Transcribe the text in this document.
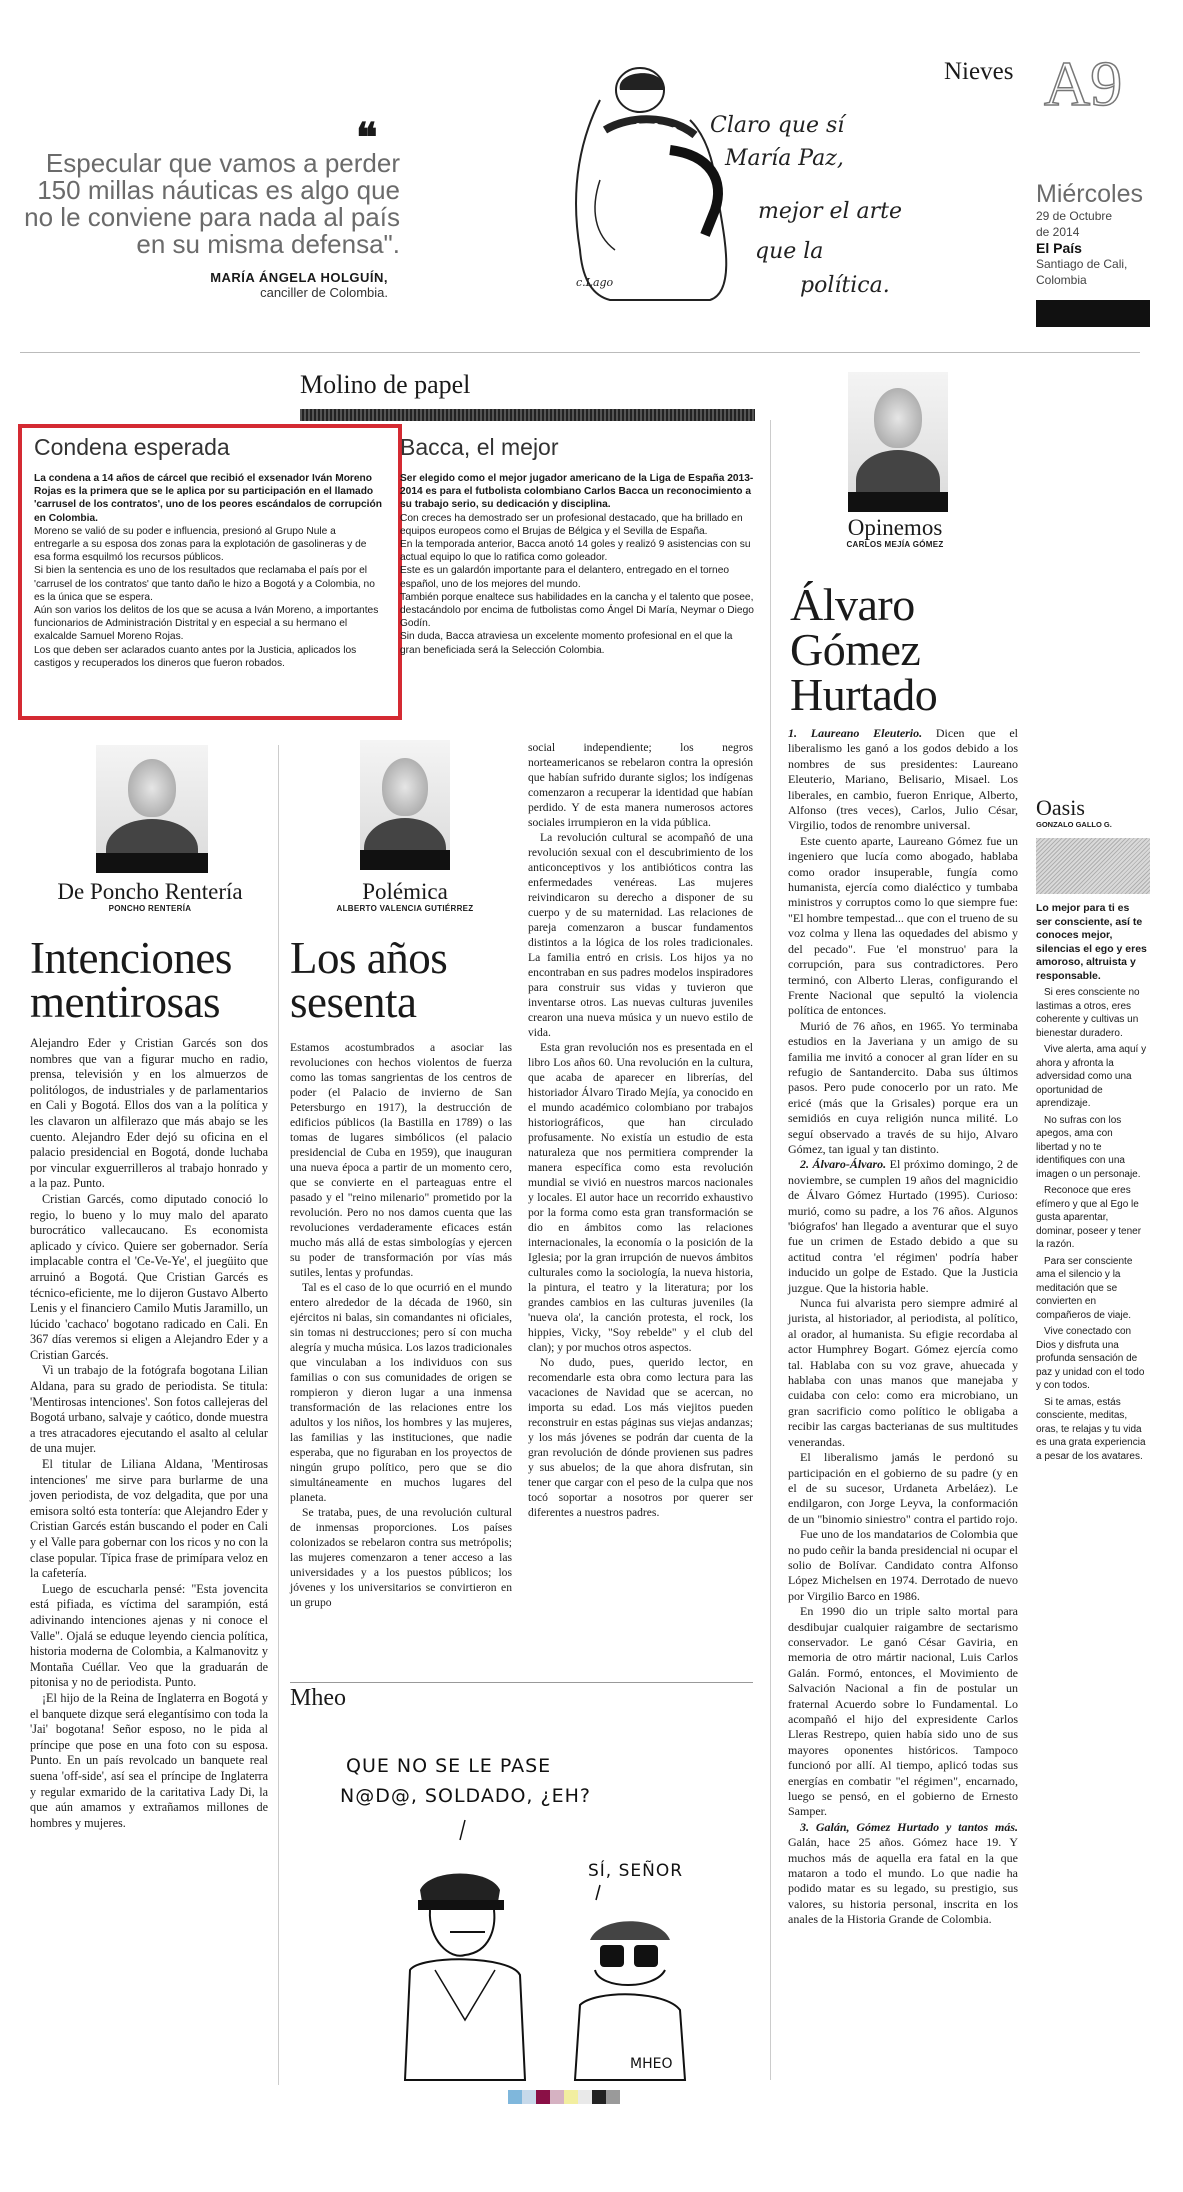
❝
Especular que vamos a perder 150 millas náuticas es algo que no le conviene para nada al país en su misma defensa".
MARÍA ÁNGELA HOLGUÍN,
canciller de Colombia.
c.Lago
Claro que sí
María Paz,
mejor el arte
que la
política.
Nieves A9
Miércoles
29 de Octubre
de 2014
El País
Santiago de Cali,
Colombia
Molino de papel
Condena esperada

La condena a 14 años de cárcel que recibió el exsenador Iván Moreno Rojas es la primera que se le aplica por su participación en el llamado 'carrusel de los contratos', uno de los peores escándalos de corrupción en Colombia.

Moreno se valió de su poder e influencia, presionó al Grupo Nule a entregarle a su esposa dos zonas para la explotación de gasolineras y de esa forma esquilmó los recursos públicos.

Si bien la sentencia es uno de los resultados que reclamaba el país por el 'carrusel de los contratos' que tanto daño le hizo a Bogotá y a Colombia, no es la única que se espera.

Aún son varios los delitos de los que se acusa a Iván Moreno, a importantes funcionarios de Administración Distrital y en especial a su hermano el exalcalde Samuel Moreno Rojas.

Los que deben ser aclarados cuanto antes por la Justicia, aplicados los castigos y recuperados los dineros que fueron robados.

Bacca, el mejor

Ser elegido como el mejor jugador americano de la Liga de España 2013-2014 es para el futbolista colombiano Carlos Bacca un reconocimiento a su trabajo serio, su dedicación y disciplina.

Con creces ha demostrado ser un profesional destacado, que ha brillado en equipos europeos como el Brujas de Bélgica y el Sevilla de España.

En la temporada anterior, Bacca anotó 14 goles y realizó 9 asistencias con su actual equipo lo que lo ratifica como goleador.

Este es un galardón importante para el delantero, entregado en el torneo español, uno de los mejores del mundo.

También porque enaltece sus habilidades en la cancha y el talento que posee, destacándolo por encima de futbolistas como Ángel Di María, Neymar o Diego Godín.

Sin duda, Bacca atraviesa un excelente momento profesional en el que la gran beneficiada será la Selección Colombia.

Opinemos
CARLOS MEJÍA GÓMEZ
Álvaro Gómez Hurtado
De Poncho Rentería
PONCHO RENTERÍA
Polémica
ALBERTO VALENCIA GUTIÉRREZ
Intenciones mentirosas
Los años sesenta

Alejandro Eder y Cristian Garcés son dos nombres que van a figurar mucho en radio, prensa, televisión y en los almuerzos de politólogos, de industriales y de parlamentarios en Cali y Bogotá. Ellos dos van a la política y les clavaron un alfilerazo que más abajo se les cuento. Alejandro Eder dejó su oficina en el palacio presidencial en Bogotá, donde luchaba por vincular exguerrilleros al trabajo honrado y a la paz. Punto.

Cristian Garcés, como diputado conoció lo regio, lo bueno y lo muy malo del aparato burocrático vallecaucano. Es economista aplicado y cívico. Quiere ser gobernador. Sería implacable contra el 'Ce-Ve-Ye', el juegüito que arruinó a Bogotá. Que Cristian Garcés es técnico-eficiente, me lo dijeron Gustavo Alberto Lenis y el financiero Camilo Mutis Jaramillo, un lúcido 'cachaco' bogotano radicado en Cali. En 367 días veremos si eligen a Alejandro Eder y a Cristian Garcés.

Vi un trabajo de la fotógrafa bogotana Lilian Aldana, para su grado de periodista. Se titula: 'Mentirosas intenciones'. Son fotos callejeras del Bogotá urbano, salvaje y caótico, donde muestra a tres atracadores ejecutando el asalto al celular de una mujer.

El titular de Liliana Aldana, 'Mentirosas intenciones' me sirve para burlarme de una joven periodista, de voz delgadita, que por una emisora soltó esta tontería: que Alejandro Eder y Cristian Garcés están buscando el poder en Cali y el Valle para gobernar con los ricos y no con la clase popular. Típica frase de primípara veloz en la cafetería.

Luego de escucharla pensé: "Esta jovencita está pifiada, es víctima del sarampión, está adivinando intenciones ajenas y ni conoce el Valle". Ojalá se eduque leyendo ciencia política, historia moderna de Colombia, a Kalmanovitz y Montaña Cuéllar. Veo que la graduarán de pitonisa y no de periodista. Punto.

¡El hijo de la Reina de Inglaterra en Bogotá y el banquete dizque será elegantísimo con toda la 'Jai' bogotana! Señor esposo, no le pida al príncipe que pose en una foto con su esposa. Punto. En un país revolcado un banquete real suena 'off-side', así sea el príncipe de Inglaterra y regular exmarido de la caritativa Lady Di, la que aún amamos y extrañamos millones de hombres y mujeres.

Estamos acostumbrados a asociar las revoluciones con hechos violentos de fuerza como las tomas sangrientas de los centros de poder (el Palacio de invierno de San Petersburgo en 1917), la destrucción de edificios públicos (la Bastilla en 1789) o las tomas de lugares simbólicos (el palacio presidencial de Cuba en 1959), que inauguran una nueva época a partir de un momento cero, que se convierte en el parteaguas entre el pasado y el "reino milenario" prometido por la revolución. Pero no nos damos cuenta que las revoluciones verdaderamente eficaces están mucho más allá de estas simbologías y ejercen su poder de transformación por vías más sutiles, lentas y profundas.

Tal es el caso de lo que ocurrió en el mundo entero alrededor de la década de 1960, sin ejércitos ni balas, sin comandantes ni oficiales, sin tomas ni destrucciones; pero sí con mucha alegría y mucha música. Los lazos tradicionales que vinculaban a los individuos con sus familias o con sus comunidades de origen se rompieron y dieron lugar a una inmensa transformación de las relaciones entre los adultos y los niños, los hombres y las mujeres, las familias y las instituciones, que nadie esperaba, que no figuraban en los proyectos de ningún grupo político, pero que se dio simultáneamente en muchos lugares del planeta.

Se trataba, pues, de una revolución cultural de inmensas proporciones. Los países colonizados se rebelaron contra sus metrópolis; las mujeres comenzaron a tener acceso a las universidades y a los puestos públicos; los jóvenes y los universitarios se convirtieron en un grupo

social independiente; los negros norteamericanos se rebelaron contra la opresión que habían sufrido durante siglos; los indígenas comenzaron a recuperar la identidad que habían perdido. Y de esta manera numerosos actores sociales irrumpieron en la vida pública.

La revolución cultural se acompañó de una revolución sexual con el descubrimiento de los anticonceptivos y los antibióticos contra las enfermedades venéreas. Las mujeres reivindicaron su derecho a disponer de su cuerpo y de su maternidad. Las relaciones de pareja comenzaron a buscar fundamentos distintos a la lógica de los roles tradicionales. La familia entró en crisis. Los hijos ya no encontraban en sus padres modelos inspiradores para construir sus vidas y tuvieron que inventarse otros. Las nuevas culturas juveniles crearon una nueva música y un nuevo estilo de vida.

Esta gran revolución nos es presentada en el libro Los años 60. Una revolución en la cultura, que acaba de aparecer en librerías, del historiador Álvaro Tirado Mejía, ya conocido en el mundo académico colombiano por trabajos historiográficos, que han circulado profusamente. No existía un estudio de esta naturaleza que nos permitiera comprender la manera específica como esta revolución mundial se vivió en nuestros marcos nacionales y locales. El autor hace un recorrido exhaustivo por la forma como esta gran transformación se dio en ámbitos como las relaciones internacionales, la economía o la posición de la Iglesia; por la gran irrupción de nuevos ámbitos culturales como la sociología, la nueva historia, la pintura, el teatro y la literatura; por los grandes cambios en las culturas juveniles (la 'nueva ola', la canción protesta, el rock, los hippies, Vicky, "Soy rebelde" y el club del clan); y por muchos otros aspectos.

No dudo, pues, querido lector, en recomendarle esta obra como lectura para las vacaciones de Navidad que se acercan, no importa su edad. Los más viejitos pueden reconstruir en estas páginas sus viejas andanzas; y los más jóvenes se podrán dar cuenta de la gran revolución de dónde provienen sus padres y sus abuelos; de la que ahora disfrutan, sin tener que cargar con el peso de la culpa que nos tocó soportar a nosotros por querer ser diferentes a nuestros padres.

1. Laureano Eleuterio. Dicen que el liberalismo les ganó a los godos debido a los nombres de sus presidentes: Laureano Eleuterio, Mariano, Belisario, Misael. Los liberales, en cambio, fueron Enrique, Alberto, Alfonso (tres veces), Carlos, Julio César, Virgilio, todos de renombre universal.

Este cuento aparte, Laureano Gómez fue un ingeniero que lucía como abogado, hablaba como orador insuperable, fungía como humanista, ejercía como dialéctico y tumbaba ministros y corruptos como lo que siempre fue: "El hombre tempestad... que con el trueno de su voz colma y llena las oquedades del abismo y del pecado". Fue 'el monstruo' para la corrupción, para sus contradictores. Pero terminó, con Alberto Lleras, configurando el Frente Nacional que sepultó la violencia política de entonces.

Murió de 76 años, en 1965. Yo terminaba estudios en la Javeriana y un amigo de su familia me invitó a conocer al gran líder en su refugio de Santandercito. Daba sus últimos pasos. Pero pude conocerlo por un rato. Me ericé (más que la Grisales) porque era un semidiós en cuya religión nunca milité. Lo seguí observado a través de su hijo, Alvaro Gómez, tan igual y tan distinto.

2. Álvaro-Álvaro. El próximo domingo, 2 de noviembre, se cumplen 19 años del magnicidio de Álvaro Gómez Hurtado (1995). Curioso: murió, como su padre, a los 76 años. Algunos 'biógrafos' han llegado a aventurar que el suyo fue un crimen de Estado debido a que su actitud contra 'el régimen' podría haber inducido un golpe de Estado. Que la Justicia juzgue. Que la historia hable.

Nunca fui alvarista pero siempre admiré al jurista, al historiador, al periodista, al político, al orador, al humanista. Su efigie recordaba al actor Humphrey Bogart. Gómez ejercía como tal. Hablaba con su voz grave, ahuecada y hablaba con unas manos que manejaba y cuidaba con celo: como era microbiano, un gran sacrificio como político le obligaba a recibir las cargas bacterianas de sus multitudes venerandas.

El liberalismo jamás le perdonó su participación en el gobierno de su padre (y en el de su sucesor, Urdaneta Arbeláez). Le endilgaron, con Jorge Leyva, la conformación de un "binomio siniestro" contra el partido rojo.

Fue uno de los mandatarios de Colombia que no pudo ceñir la banda presidencial ni ocupar el solio de Bolívar. Candidato contra Alfonso López Michelsen en 1974. Derrotado de nuevo por Virgilio Barco en 1986.

En 1990 dio un triple salto mortal para desdibujar cualquier raigambre de sectarismo conservador. Le ganó César Gaviria, en memoria de otro mártir nacional, Luis Carlos Galán. Formó, entonces, el Movimiento de Salvación Nacional a fin de postular un fraternal Acuerdo sobre lo Fundamental. Lo acompañó el hijo del expresidente Carlos Lleras Restrepo, quien había sido uno de sus mayores oponentes históricos. Tampoco funcionó por allí. Al tiempo, aplicó todas sus energías en combatir "el régimen", encarnado, luego se pensó, en el gobierno de Ernesto Samper.

3. Galán, Gómez Hurtado y tantos más. Galán, hace 25 años. Gómez hace 19. Y muchos más de aquella era fatal en la que mataron a todo el mundo. Lo que nadie ha podido matar es su legado, su prestigio, sus valores, su historia personal, inscrita en los anales de la Historia Grande de Colombia.

Oasis
GONZALO GALLO G.

Lo mejor para ti es ser consciente, así te conoces mejor, silencias el ego y eres amoroso, altruista y responsable.

Si eres consciente no lastimas a otros, eres coherente y cultivas un bienestar duradero.

Vive alerta, ama aquí y ahora y afronta la adversidad como una oportunidad de aprendizaje.

No sufras con los apegos, ama con libertad y no te identifiques con una imagen o un personaje.

Reconoce que eres efímero y que al Ego le gusta aparentar, dominar, poseer y tener la razón.

Para ser consciente ama el silencio y la meditación que se convierten en compañeros de viaje.

Vive conectado con Dios y disfruta una profunda sensación de paz y unidad con el todo y con todos.

Si te amas, estás consciente, meditas, oras, te relajas y tu vida es una grata experiencia a pesar de los avatares.

Mheo
QUE NO SE LE PASE
N@D@, SOLDADO, ¿EH?
SÍ, SEÑOR
MHEO
